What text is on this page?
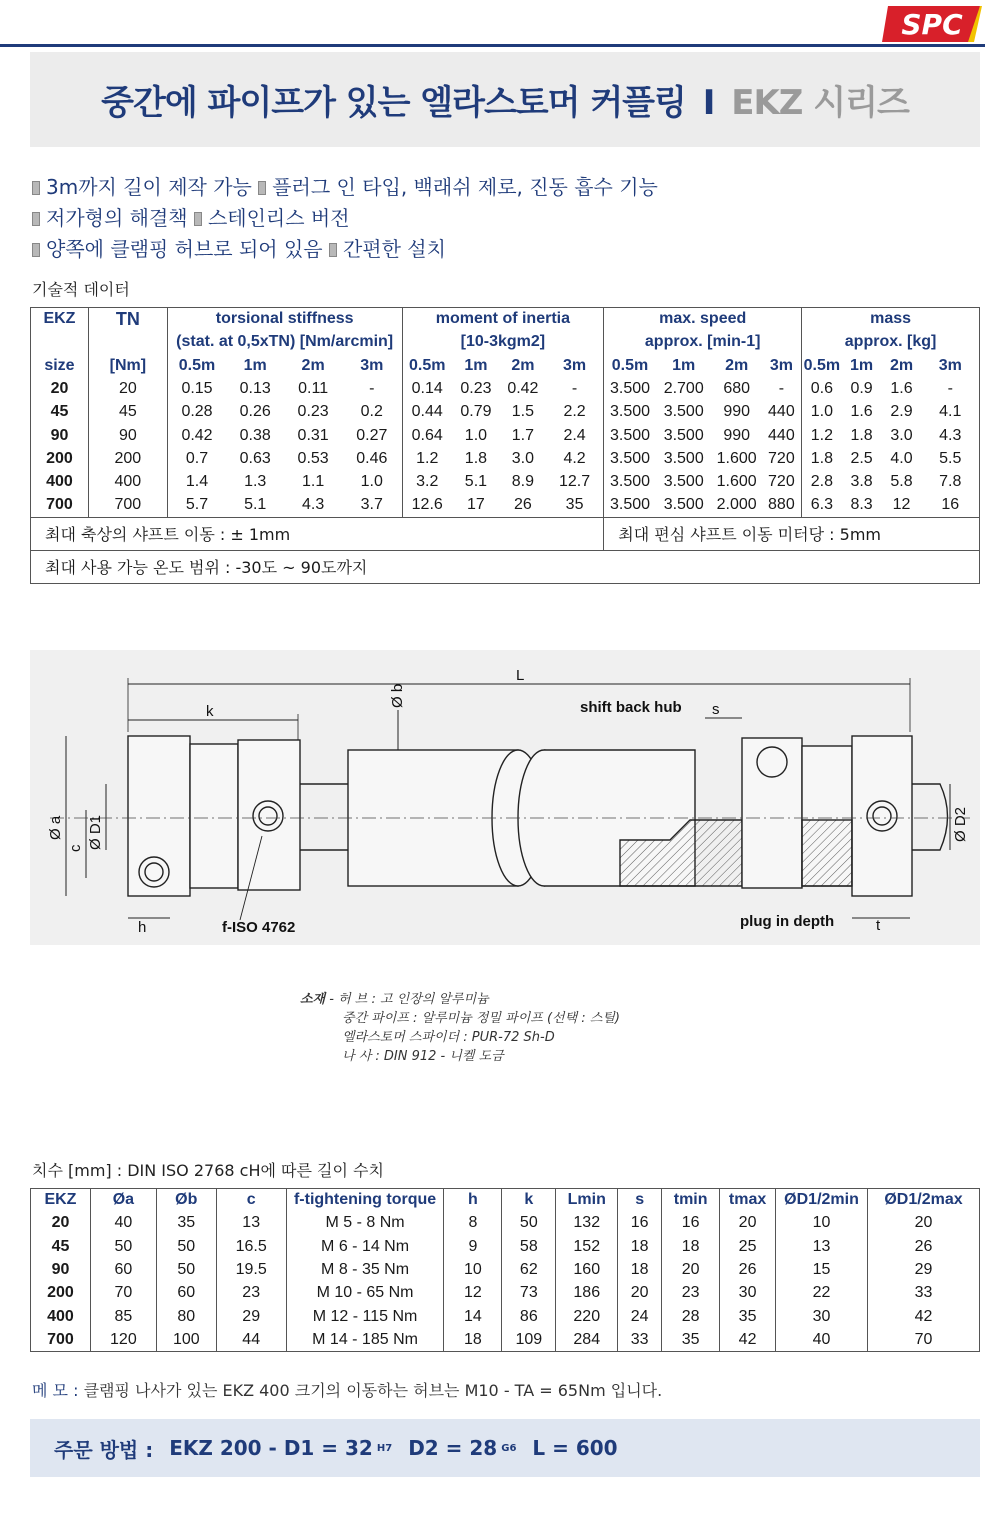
SPC
중간에 파이프가 있는 엘라스토머 커플링 I EKZ 시리즈
3m까지 길이 제작 가능 플러그 인 타입, 백래쉬 제로, 진동 흡수 기능
저가형의 해결책 스테인리스 버전
양쪽에 클램핑 허브로 되어 있음 간편한 설치
기술적 데이터
EKZ	TN	torsional stiffness				moment of inertia				max. speed				mass			
		(stat. at 0,5xTN) [Nm/arcmin]				[10-3kgm2]				approx. [min-1]				approx. [kg]			
size	[Nm]	0.5m	1m	2m	3m	0.5m	1m	2m	3m	0.5m	1m	2m	3m	0.5m	1m	2m	3m
20	20	0.15	0.13	0.11	-	0.14	0.23	0.42	-	3.500	2.700	680	-	0.6	0.9	1.6	-
45	45	0.28	0.26	0.23	0.2	0.44	0.79	1.5	2.2	3.500	3.500	990	440	1.0	1.6	2.9	4.1
90	90	0.42	0.38	0.31	0.27	0.64	1.0	1.7	2.4	3.500	3.500	990	440	1.2	1.8	3.0	4.3
200	200	0.7	0.63	0.53	0.46	1.2	1.8	3.0	4.2	3.500	3.500	1.600	720	1.8	2.5	4.0	5.5
400	400	1.4	1.3	1.1	1.0	3.2	5.1	8.9	12.7	3.500	3.500	1.600	720	2.8	3.8	5.8	7.8
700	700	5.7	5.1	4.3	3.7	12.6	17	26	35	3.500	3.500	2.000	880	6.3	8.3	12	16
최대 축상의 샤프트 이동 : ± 1mm										최대 편심 샤프트 이동 미터당 : 5mm							
최대 사용 가능 온도 범위 : -30도 ~ 90도까지																	
L
k
Ø b	shift back hub s
Ø a Ø D1
c
Ø D2
h	f-ISO 4762	plug in depth	t
소재 - 허 브 : 고 인장의 알루미늄
중간 파이프 : 알루미늄 정밀 파이프 (선택 : 스틸)
엘라스토머 스파이더 : PUR-72 Sh-D
나 사 : DIN 912 - 니켈 도금
치수 [mm] : DIN ISO 2768 cH에 따른 길이 수치
EKZ	Øa	Øb	c	f-tightening torque	h	k	Lmin	s	tmin	tmax	ØD1/2min	ØD1/2max
20	40	35	13	M 5 - 8 Nm	8	50	132	16	16	20	10	20
45	50	50	16.5	M 6 - 14 Nm	9	58	152	18	18	25	13	26
90	60	50	19.5	M 8 - 35 Nm	10	62	160	18	20	26	15	29
200	70	60	23	M 10 - 65 Nm	12	73	186	20	23	30	22	33
400	85	80	29	M 12 - 115 Nm	14	86	220	24	28	35	30	42
700	120	100	44	M 14 - 185 Nm	18	109	284	33	35	42	40	70
메 모 : 클램핑 나사가 있는 EKZ 400 크기의 이동하는 허브는 M10 - TA = 65Nm 입니다.
주문 방법 : EKZ 200 - D1 = 32 H7 D2 = 28 G6 L = 600
